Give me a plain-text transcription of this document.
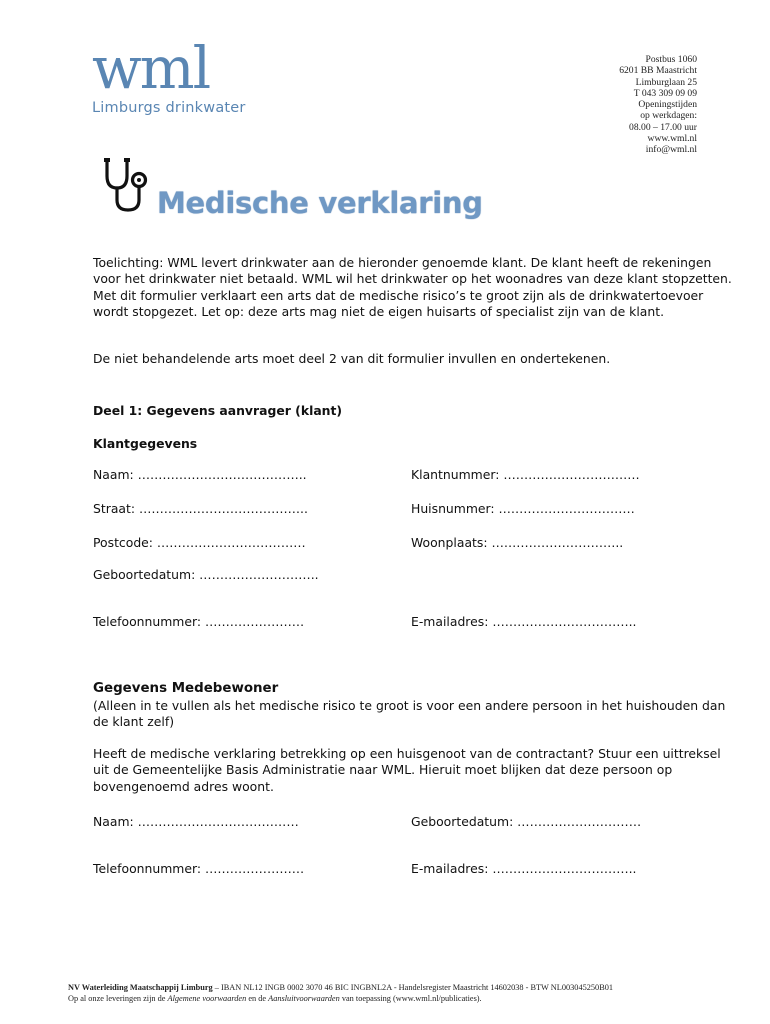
wml
Limburgs drinkwater
Postbus 1060
6201 BB Maastricht
Limburglaan 25
T 043 309 09 09
Openingstijden
op werkdagen:
08.00 – 17.00 uur
www.wml.nl
info@wml.nl
Medische verklaring
Toelichting: WML levert drinkwater aan de hieronder genoemde klant. De klant heeft de rekeningen voor het drinkwater niet betaald. WML wil het drinkwater op het woonadres van deze klant stopzetten. Met dit formulier verklaart een arts dat de medische risico’s te groot zijn als de drinkwatertoevoer wordt stopgezet. Let op: deze arts mag niet de eigen huisarts of specialist zijn van de klant.
De niet behandelende arts moet deel 2 van dit formulier invullen en ondertekenen.
Deel 1: Gegevens aanvrager (klant)
Klantgegevens
Naam: …………………………………..	Klantnummer: ……………………………
Straat: …………………………………..	Huisnummer: ……………………………
Postcode: ………………………………	Woonplaats: …………………………..
Geboortedatum: ………………………..
Telefoonnummer: ……………………	E-mailadres: ……………………………..
Gegevens Medebewoner
(Alleen in te vullen als het medische risico te groot is voor een andere persoon in het huishouden dan de klant zelf)
Heeft de medische verklaring betrekking op een huisgenoot van de contractant? Stuur een uittreksel uit de Gemeentelijke Basis Administratie naar WML. Hieruit moet blijken dat deze persoon op bovengenoemd adres woont.
Naam: …………………………………	Geboortedatum: …………………………
Telefoonnummer: ……………………	E-mailadres: ……………………………..
NV Waterleiding Maatschappij Limburg – IBAN NL12 INGB 0002 3070 46 BIC INGBNL2A - Handelsregister Maastricht 14602038 - BTW NL003045250B01
Op al onze leveringen zijn de Algemene voorwaarden en de Aansluitvoorwaarden van toepassing (www.wml.nl/publicaties).
